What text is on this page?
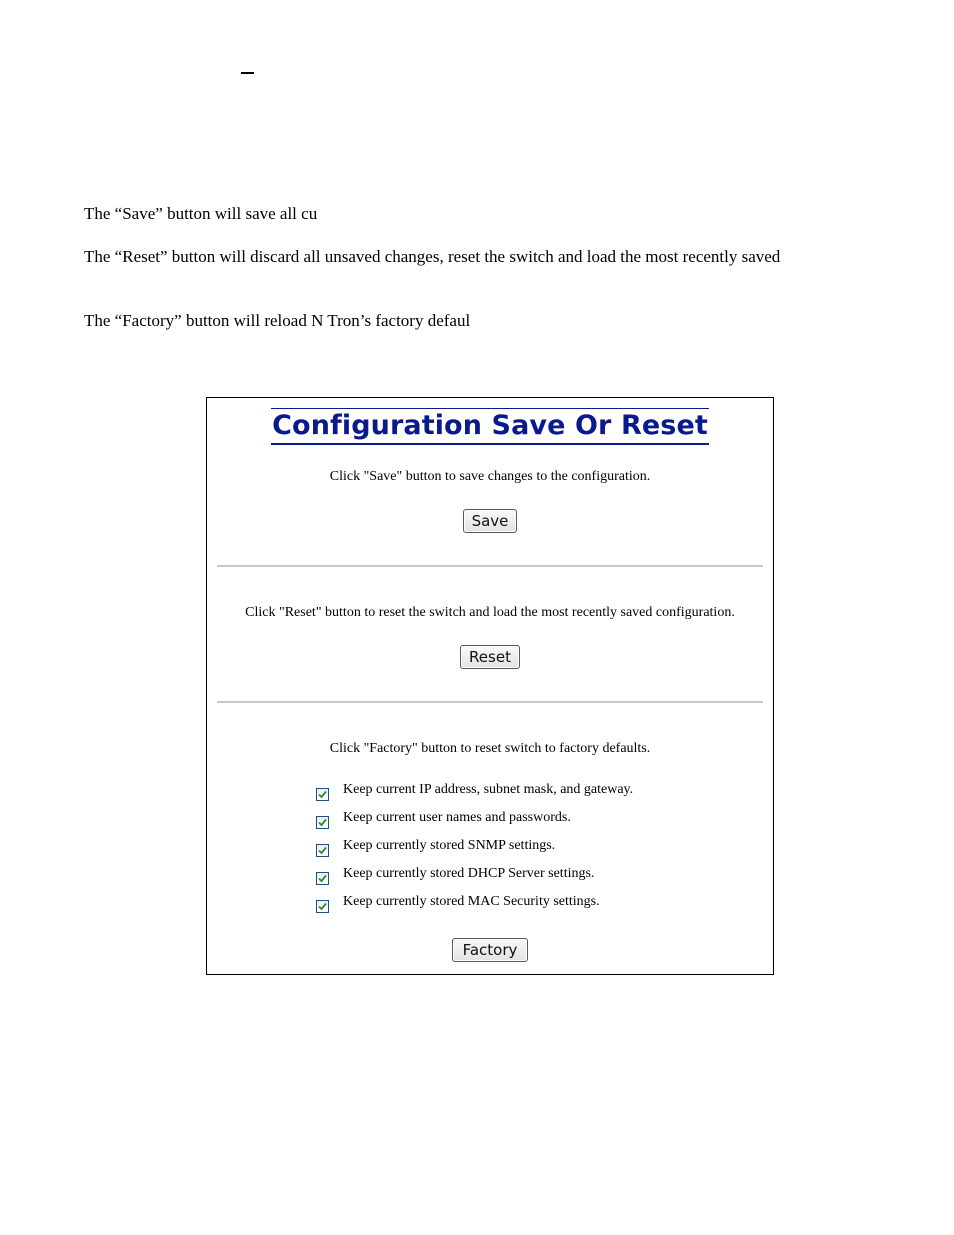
The “Save” button will save all cu
The “Reset” button will discard all unsaved changes, reset the switch and load the most recently saved
The “Factory” button will reload N Tron’s factory defaul
Configuration Save Or Reset
Click "Save" button to save changes to the configuration.
Save
Click "Reset" button to reset the switch and load the most recently saved configuration.
Reset
Click "Factory" button to reset switch to factory defaults.
Keep current IP address, subnet mask, and gateway.
Keep current user names and passwords.
Keep currently stored SNMP settings.
Keep currently stored DHCP Server settings.
Keep currently stored MAC Security settings.
Factory
